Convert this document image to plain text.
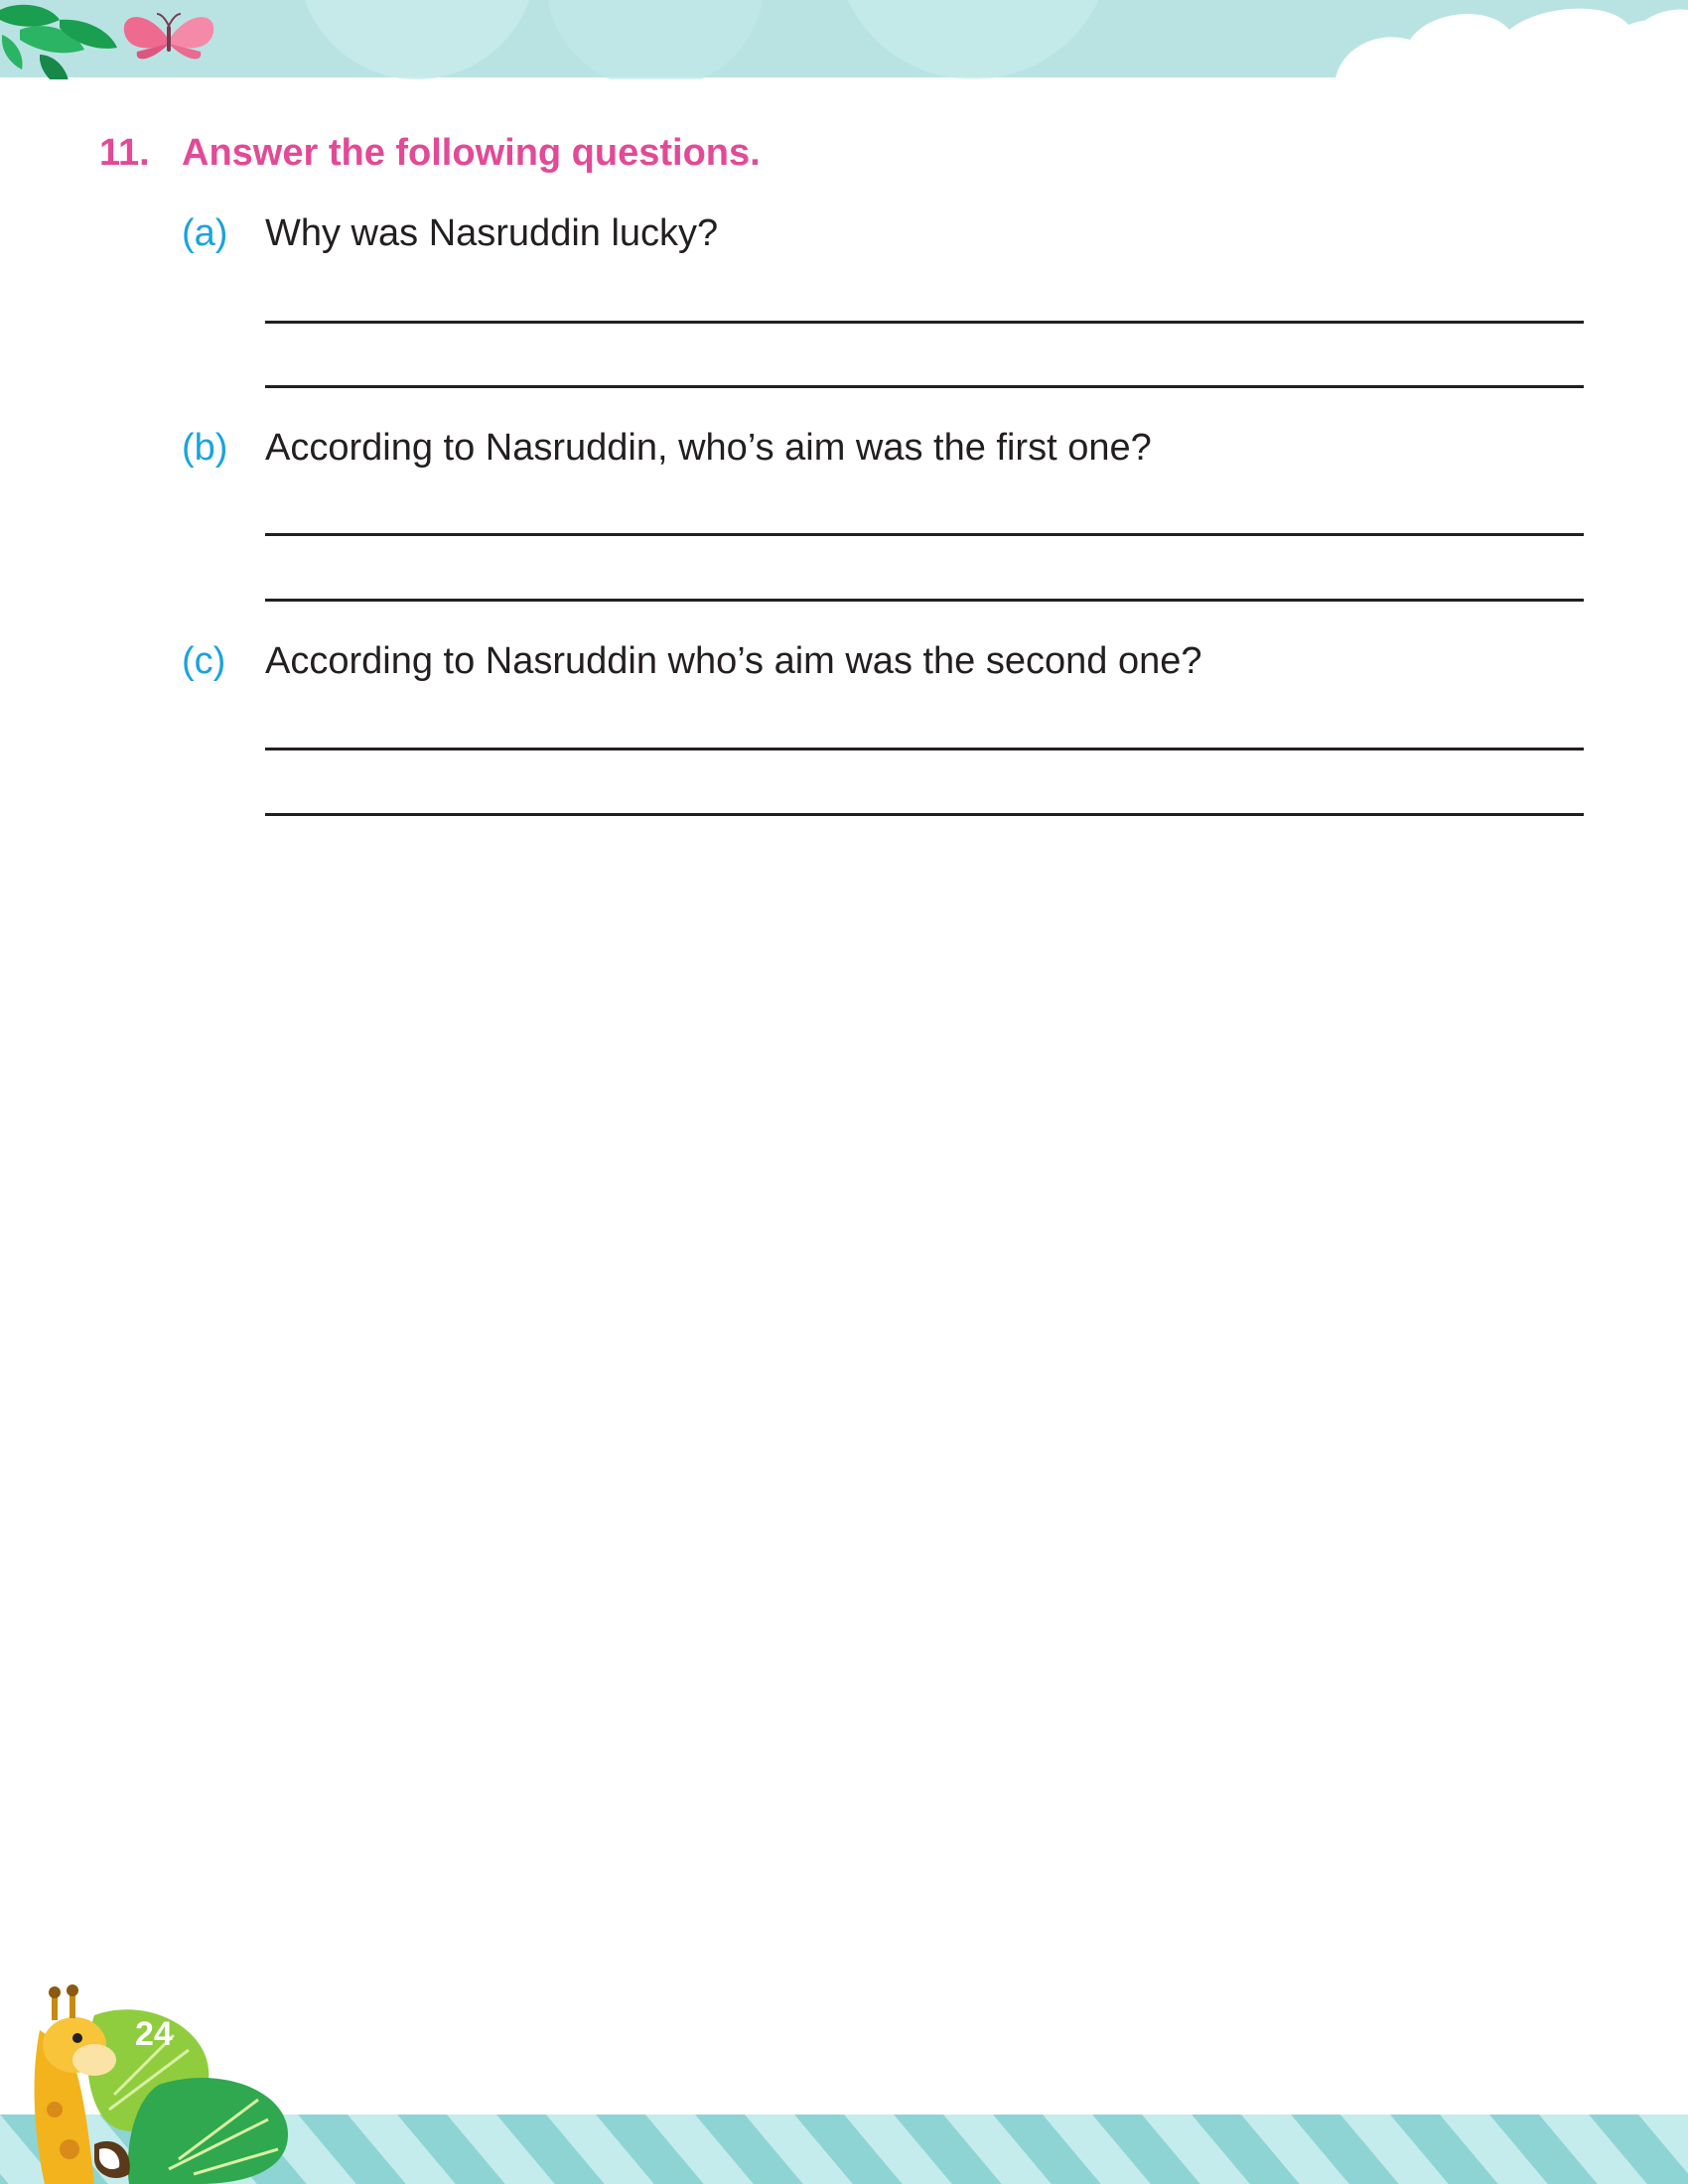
11. Answer the following questions.
(a) Why was Nasruddin lucky?
(b) According to Nasruddin, who’s aim was the first one?
(c)	According to Nasruddin who’s aim was the second one?
24
